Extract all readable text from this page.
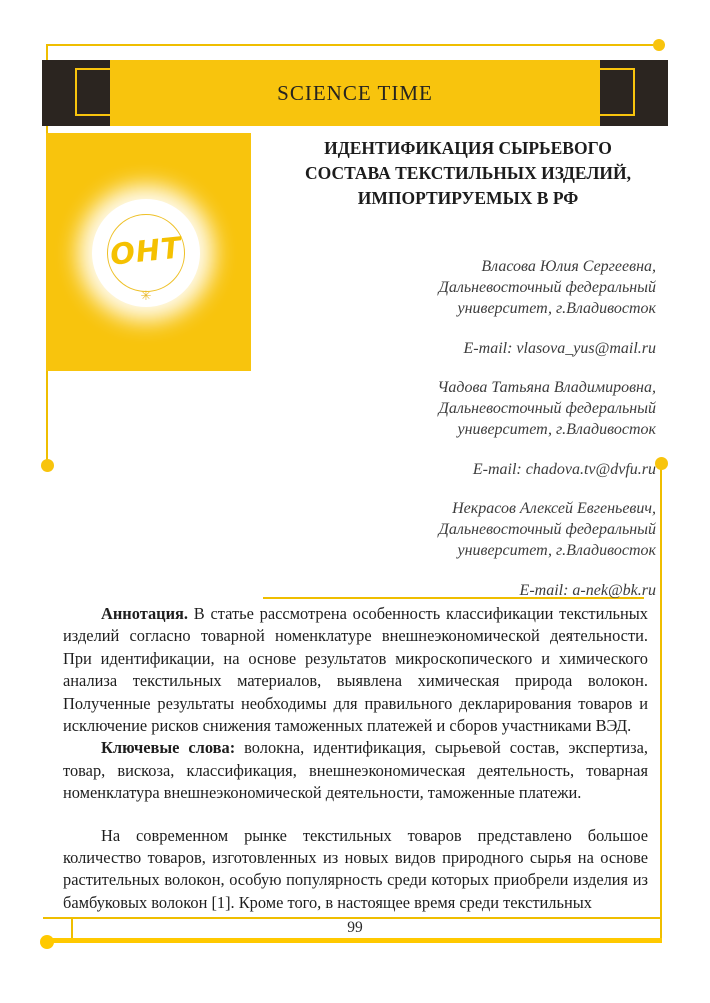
SCIENCE TIME
ОНТ
✳
ИДЕНТИФИКАЦИЯ СЫРЬЕВОГО
СОСТАВА ТЕКСТИЛЬНЫХ ИЗДЕЛИЙ,
ИМПОРТИРУЕМЫХ В РФ

Власова Юлия Сергеевна,

Дальневосточный федеральный

университет, г.Владивосток

E-mail: vlasova_yus@mail.ru

Чадова Татьяна Владимировна,

Дальневосточный федеральный

университет, г.Владивосток

E-mail: chadova.tv@dvfu.ru

Некрасов Алексей Евгеньевич,

Дальневосточный федеральный

университет, г.Владивосток

E-mail: a-nek@bk.ru

Аннотация. В статье рассмотрена особенность классификации текстильных изделий согласно товарной номенклатуре внешнеэкономической деятельности. При идентификации, на основе результатов микроскопического и химического анализа текстильных материалов, выявлена химическая природа волокон. Полученные результаты необходимы для правильного декларирования товаров и исключение рисков снижения таможенных платежей и сборов участниками ВЭД.

Ключевые слова: волокна, идентификация, сырьевой состав, экспертиза, товар, вискоза, классификация, внешнеэкономическая деятельность, товарная номенклатура внешнеэкономической деятельности, таможенные платежи.

На современном рынке текстильных товаров представлено большое количество товаров, изготовленных из новых видов природного сырья на основе растительных волокон, особую популярность среди которых приобрели изделия из бамбуковых волокон [1]. Кроме того, в настоящее время среди текстильных

99
